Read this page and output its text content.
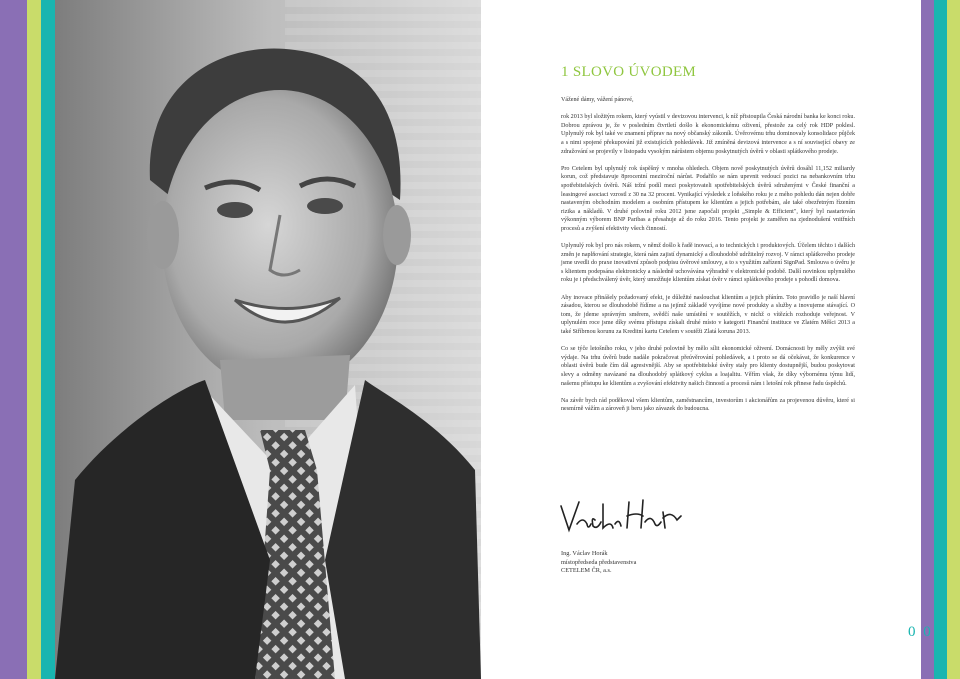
1 SLOVO ÚVODEM

Vážené dámy, vážení pánové,

rok 2013 byl složitým rokem, který vyústil v devizovou intervenci, k níž přistoupila Česká národní banka ke konci roku. Dobrou zprávou je, že v posledním čtvrtletí došlo k ekonomickému oživení, přestože za celý rok HDP poklesl. Uplynulý rok byl také ve znamení příprav na nový občanský zákoník. Úvěrovému trhu dominovaly konsolidace půjček a s nimi spojené překupování již existujících pohledávek. Již zmíněná devizová intervence a s ní související obavy ze zdražování se projevily v listopadu vysokým nárůstem objemu poskytnutých úvěrů v oblasti splátkového prodeje.

Pro Cetelem byl uplynulý rok úspěšný v mnoha ohledech. Objem nově poskytnutých úvěrů dosáhl 11,152 miliardy korun, což představuje 8procentní meziroční nárůst. Podařilo se nám upevnit vedoucí pozici na nebankovním trhu spotřebitelských úvěrů. Náš tržní podíl mezi poskytovateli spotřebitelských úvěrů sdruženými v České finanční a leasingové asociaci vzrostl z 30 na 32 procent. Vynikající výsledek z loňského roku je z mého pohledu dán nejen dobře nastaveným obchodním modelem a osobním přístupem ke klientům a jejich potřebám, ale také obezřetným řízením rizika a nákladů. V druhé polovině roku 2012 jsme započali projekt „Simple & Efficient", který byl nastartován výkonným výborem BNP Paribas a přesahuje až do roku 2016. Tento projekt je zaměřen na zjednodušení vnitřních procesů a zvýšení efektivity všech činností.

Uplynulý rok byl pro nás rokem, v němž došlo k řadě inovací, a to technických i produktových. Účelem těchto i dalších změn je naplňování strategie, která nám zajistí dynamický a dlouhodobě udržitelný rozvoj. V rámci splátkového prodeje jsme uvedli do praxe inovativní způsob podpisu úvěrové smlouvy, a to s využitím zařízení SignPad. Smlouva o úvěru je s klientem podepsána elektronicky a následně uchovávána výhradně v elektronické podobě. Další novinkou uplynulého roku je i předschválený úvěr, který umožňuje klientům získat úvěr v rámci splátkového prodeje s pohodlí domova.

Aby inovace přinášely požadovaný efekt, je důležité naslouchat klientům a jejich přáním. Toto pravidlo je naší hlavní zásadou, kterou se dlouhodobě řídíme a na jejímž základě vyvíjíme nové produkty a služby a inovujeme stávající. O tom, že jdeme správným směrem, svědčí naše umístění v soutěžích, v nichž o vítězích rozhoduje veřejnost. V uplynulém roce jsme díky svému přístupu získali druhé místo v kategorii Finanční instituce ve Zlatém Měšci 2013 a také Stříbrnou korunu za Kreditní kartu Cetelem v soutěži Zlatá koruna 2013.

Co se týče letošního roku, v jeho druhé polovině by mělo sílit ekonomické oživení. Domácnosti by měly zvýšit své výdaje. Na trhu úvěrů bude nadále pokračovat přeúvěrování pohledávek, a i proto se dá očekávat, že konkurence v oblasti úvěrů bude čím dál agresivnější. Aby se spotřebitelské úvěry staly pro klienty dostupnější, budou poskytovat slevy a odměny navázané na dlouhodobý splátkový cyklus a loajalitu. Věřím však, že díky výbornému týmu lidí, našemu přístupu ke klientům a zvyšování efektivity našich činností a procesů nám i letošní rok přinese řadu úspěchů.

Na závěr bych rád poděkoval všem klientům, zaměstnancům, investorům i akcionářům za projevenou důvěru, které si nesmírně vážím a zároveň ji beru jako závazek do budoucna.

Ing. Václav Horák
místopředseda představenstva
CETELEM ČR, a.s.
0 0 5
